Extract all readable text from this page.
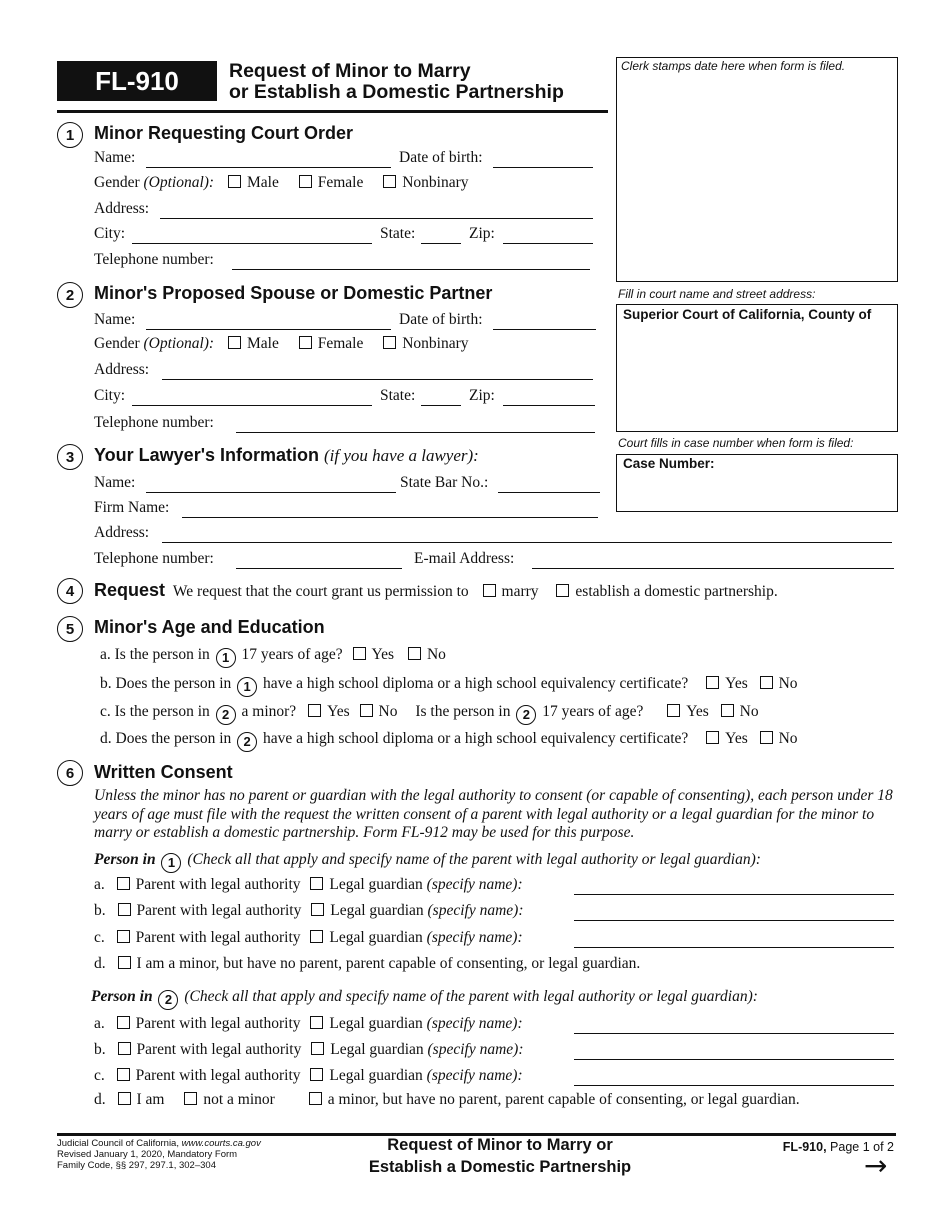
FL-910	Request of Minor to Marry
or Establish a Domestic Partnership
Clerk stamps date here when form is filed.
Fill in court name and street address:
Superior Court of California, County of
Court fills in case number when form is filed:
Case Number:
1	Minor Requesting Court Order
Name:	Date of birth:
Gender (Optional): Male	Female	Nonbinary
Address:
City:	State:	Zip:
Telephone number:
2	Minor's Proposed Spouse or Domestic Partner
Name:	Date of birth:
Gender (Optional): Male	Female	Nonbinary
Address:
City:	State:	Zip:
Telephone number:
3	Your Lawyer's Information (if you have a lawyer):
Name:	State Bar No.:
Firm Name:
Address:
Telephone number:	E-mail Address:
4	Request We request that the court grant us permission to marry establish a domestic partnership.
5	Minor's Age and Education
a. Is the person in 1 17 years of age? Yes No
b. Does the person in 1 have a high school diploma or a high school equivalency certificate? Yes No
c. Is the person in 2 a minor? Yes No Is the person in 2 17 years of age?	Yes No
d. Does the person in 2 have a high school diploma or a high school equivalency certificate? Yes No
6	Written Consent
Unless the minor has no parent or guardian with the legal authority to consent (or capable of consenting), each person under 18 years of age must file with the request the written consent of a parent with legal authority or a legal guardian for the minor to marry or establish a domestic partnership. Form FL-912 may be used for this purpose.
Person in 1 (Check all that apply and specify name of the parent with legal authority or legal guardian):
a. Parent with legal authority Legal guardian (specify name):
b. Parent with legal authority Legal guardian (specify name):
c. Parent with legal authority Legal guardian (specify name):
d. I am a minor, but have no parent, parent capable of consenting, or legal guardian.
Person in 2 (Check all that apply and specify name of the parent with legal authority or legal guardian):
a. Parent with legal authority Legal guardian (specify name):
b. Parent with legal authority Legal guardian (specify name):
c. Parent with legal authority Legal guardian (specify name):
d. I am	not a minor	a minor, but have no parent, parent capable of consenting, or legal guardian.
Judicial Council of California, www.courts.ca.gov
Revised January 1, 2020, Mandatory Form
Family Code, §§ 297, 297.1, 302–304
Request of Minor to Marry or
Establish a Domestic Partnership
FL-910, Page 1 of 2
→
